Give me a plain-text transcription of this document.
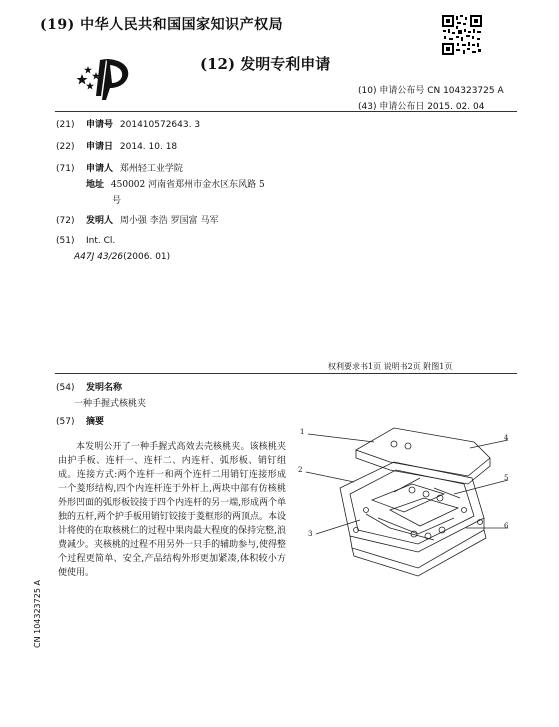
(19) 中华人民共和国国家知识产权局
(12) 发明专利申请
(10) 申请公布号 CN 104323725 A
(43) 申请公布日 2015. 02. 04
(21) 申请号 201410572643. 3
(22) 申请日 2014. 10. 18
(71) 申请人 郑州轻工业学院
地址 450002 河南省郑州市金水区东风路 5
号
(72) 发明人 周小强 李浩 罗国富 马军
(51) Int. Cl.
A47J 43/26(2006. 01)
权利要求书1页 说明书2页 附图1页
(54) 发明名称
一种手握式核桃夹
(57) 摘要
本发明公开了一种手握式高效去壳核桃夹。该核桃夹由护手板、连杆一、连杆二、内连杆、弧形板、销钉组成。连接方式:两个连杆一和两个连杆二用销钉连接形成一个菱形结构,四个内连杆连于外杆上,两块中部有仿核桃外形凹面的弧形板铰接于四个内连杆的另一端,形成两个单独的五杆,两个护手板用销钉铰接于菱框形的两顶点。本设计将使的在取核桃仁的过程中果肉最大程度的保持完整,浪费减少。夹核桃的过程不用另外一只手的辅助参与,使得整个过程更简单、安全,产品结构外形更加紧凑,体积较小方便使用。
1
2
3
4
5
6
CN 104323725 A
